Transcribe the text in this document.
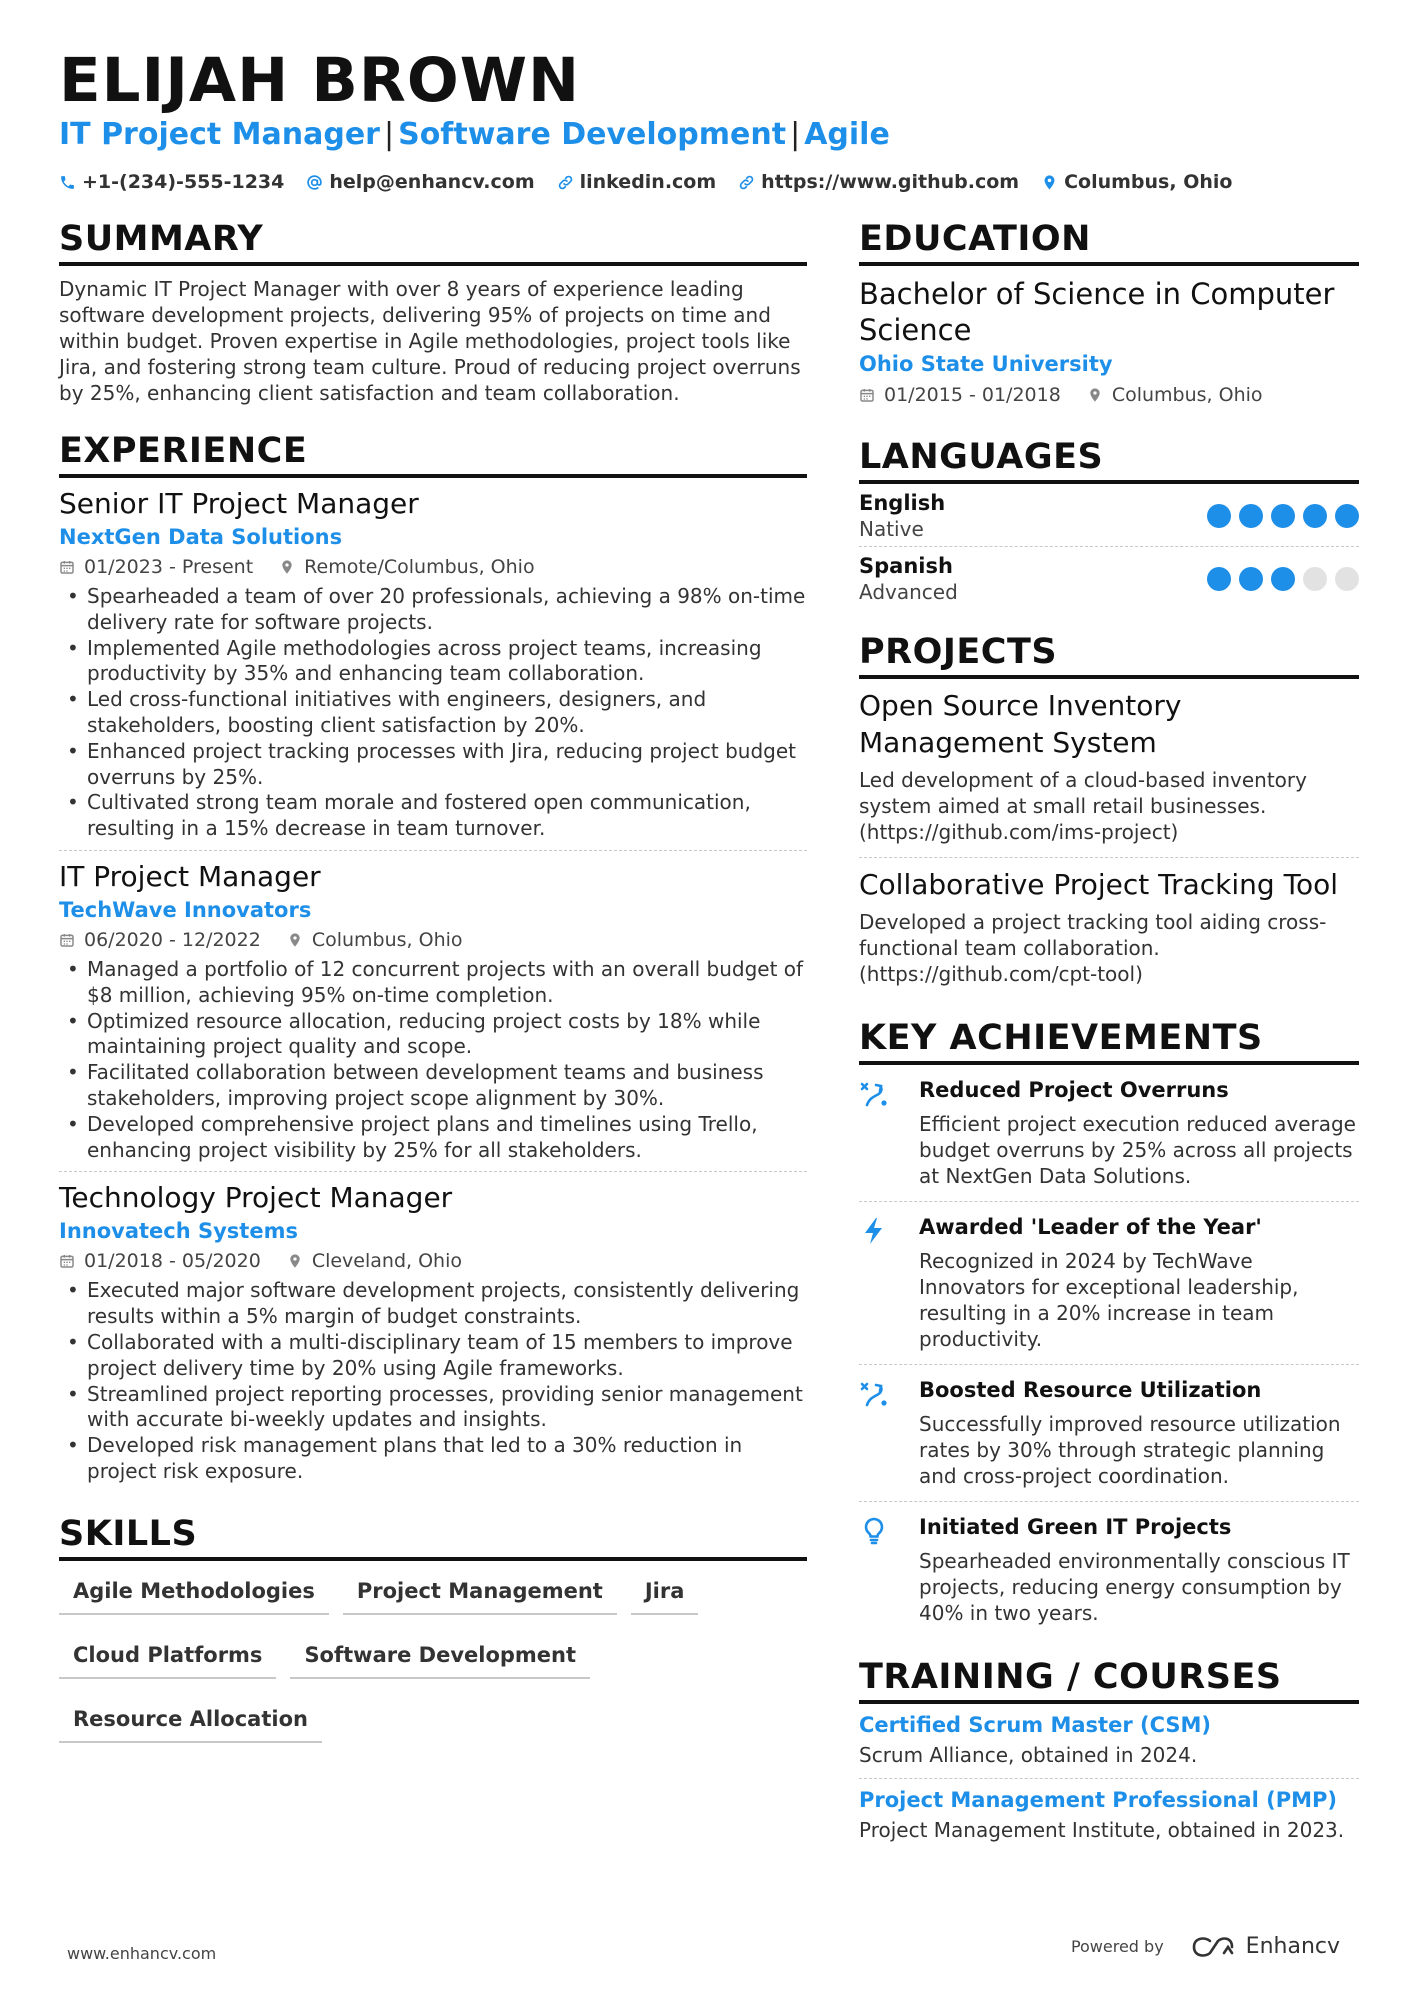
ELIJAH BROWN
IT Project Manager | Software Development | Agile
+1-(234)-555-1234 help@enhancv.com linkedin.com https://www.github.com Columbus, Ohio
SUMMARY
Dynamic IT Project Manager with over 8 years of experience leading software development projects, delivering 95% of projects on time and within budget. Proven expertise in Agile methodologies, project tools like Jira, and fostering strong team culture. Proud of reducing project overruns by 25%, enhancing client satisfaction and team collaboration.
EXPERIENCE
Senior IT Project Manager
NextGen Data Solutions
01/2023 - Present	Remote/Columbus, Ohio
• Spearheaded a team of over 20 professionals, achieving a 98% on-time delivery rate for software projects.
• Implemented Agile methodologies across project teams, increasing productivity by 35% and enhancing team collaboration.
• Led cross-functional initiatives with engineers, designers, and stakeholders, boosting client satisfaction by 20%.
• Enhanced project tracking processes with Jira, reducing project budget overruns by 25%.
• Cultivated strong team morale and fostered open communication, resulting in a 15% decrease in team turnover.
IT Project Manager
TechWave Innovators
06/2020 - 12/2022	Columbus, Ohio
• Managed a portfolio of 12 concurrent projects with an overall budget of $8 million, achieving 95% on-time completion.
• Optimized resource allocation, reducing project costs by 18% while maintaining project quality and scope.
• Facilitated collaboration between development teams and business stakeholders, improving project scope alignment by 30%.
• Developed comprehensive project plans and timelines using Trello, enhancing project visibility by 25% for all stakeholders.
Technology Project Manager
Innovatech Systems
01/2018 - 05/2020	Cleveland, Ohio
• Executed major software development projects, consistently delivering results within a 5% margin of budget constraints.
• Collaborated with a multi-disciplinary team of 15 members to improve project delivery time by 20% using Agile frameworks.
• Streamlined project reporting processes, providing senior management with accurate bi-weekly updates and insights.
• Developed risk management plans that led to a 30% reduction in project risk exposure.
SKILLS
Agile Methodologies	Project Management	Jira
Cloud Platforms	Software Development
Resource Allocation
EDUCATION
Bachelor of Science in Computer Science
Ohio State University
01/2015 - 01/2018	Columbus, Ohio
LANGUAGES
English
Native
Spanish
Advanced
PROJECTS
Open Source Inventory Management System
Led development of a cloud-based inventory system aimed at small retail businesses. (https://github.com/ims-project)
Collaborative Project Tracking Tool
Developed a project tracking tool aiding cross-functional team collaboration. (https://github.com/cpt-tool)
KEY ACHIEVEMENTS
Reduced Project Overruns
Efficient project execution reduced average budget overruns by 25% across all projects at NextGen Data Solutions.
Awarded 'Leader of the Year'
Recognized in 2024 by TechWave Innovators for exceptional leadership, resulting in a 20% increase in team productivity.
Boosted Resource Utilization
Successfully improved resource utilization rates by 30% through strategic planning and cross-project coordination.
Initiated Green IT Projects
Spearheaded environmentally conscious IT projects, reducing energy consumption by 40% in two years.
TRAINING / COURSES
Certified Scrum Master (CSM)
Scrum Alliance, obtained in 2024.
Project Management Professional (PMP)
Project Management Institute, obtained in 2023.
www.enhancv.com	Powered by	Enhancv
